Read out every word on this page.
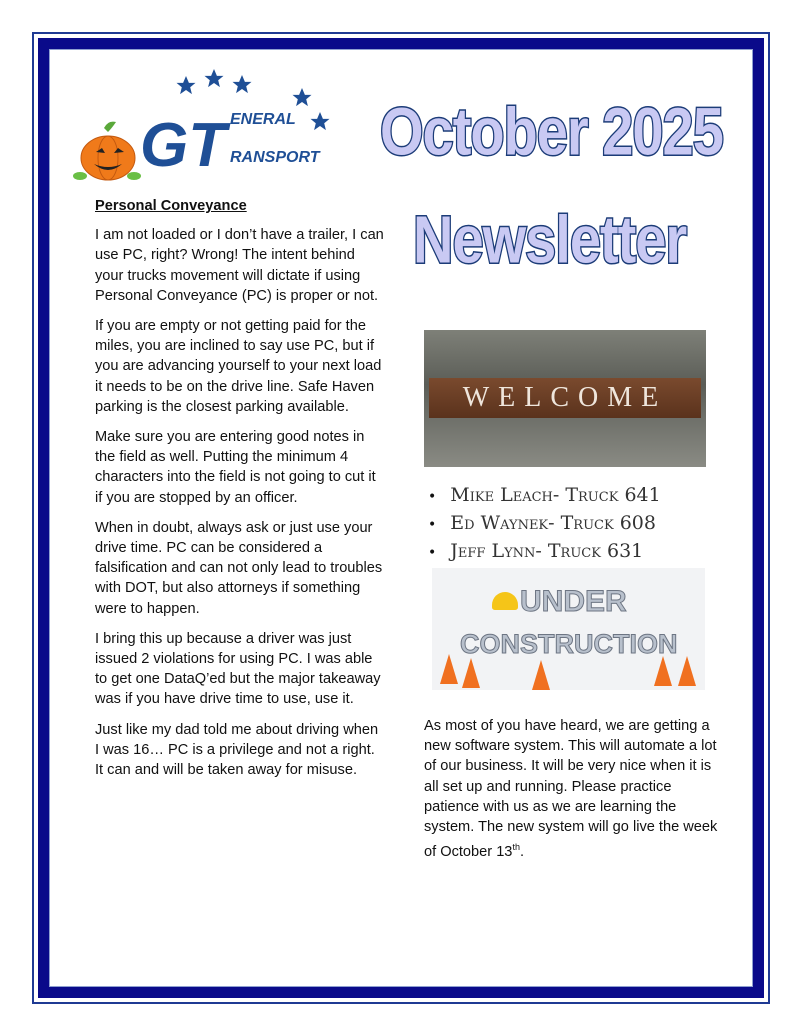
GT ENERAL
RANSPORT October 2025
Newsletter
Personal Conveyance

I am not loaded or I don’t have a trailer, I can use PC, right? Wrong! The intent behind your trucks movement will dictate if using Personal Conveyance (PC) is proper or not.

If you are empty or not getting paid for the miles, you are inclined to say use PC, but if you are advancing yourself to your next load it needs to be on the drive line. Safe Haven parking is the closest parking available.

Make sure you are entering good notes in the field as well. Putting the minimum 4 characters into the field is not going to cut it if you are stopped by an officer.

When in doubt, always ask or just use your drive time. PC can be considered a falsification and can not only lead to troubles with DOT, but also attorneys if something were to happen.

I bring this up because a driver was just issued 2 violations for using PC. I was able to get one DataQ’ed but the major takeaway was if you have drive time to use, use it.

Just like my dad told me about driving when I was 16… PC is a privilege and not a right. It can and will be taken away for misuse.

WELCOME
• Mike Leach- Truck 641
• Ed Waynek- Truck 608
• Jeff Lynn- Truck 631
UNDER
CONSTRUCTION

As most of you have heard, we are getting a new software system. This will automate a lot of our business. It will be very nice when it is all set up and running. Please practice patience with us as we are learning the system. The new system will go live the week of October 13th.
